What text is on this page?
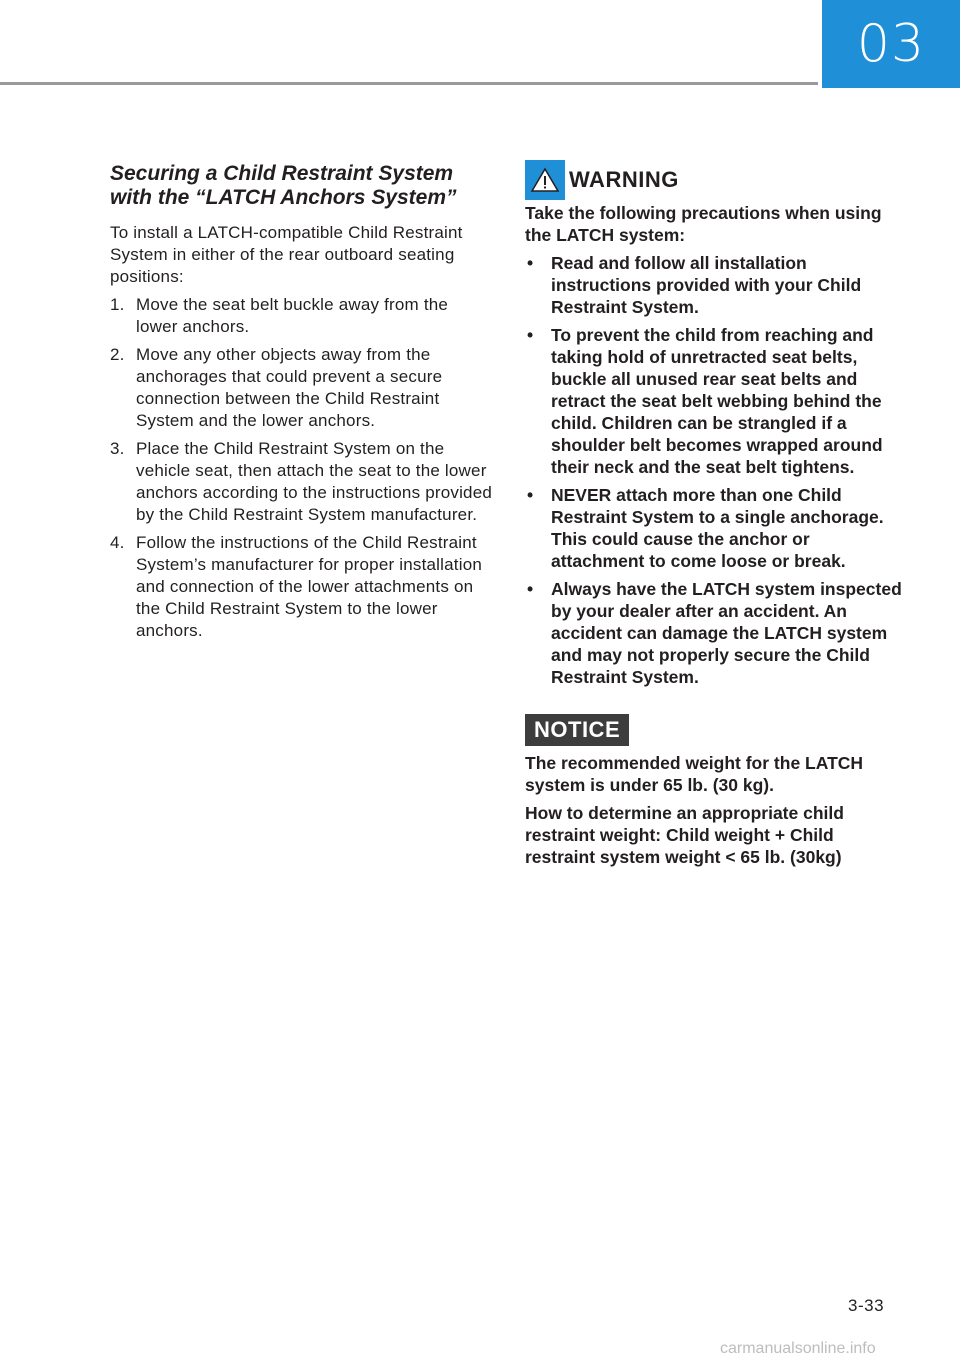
03
Securing a Child Restraint System with the “LATCH Anchors System”

To install a LATCH-compatible Child Restraint System in either of the rear outboard seating positions:

1. Move the seat belt buckle away from the lower anchors.
2. Move any other objects away from the anchorages that could prevent a secure connection between the Child Restraint System and the lower anchors.
3. Place the Child Restraint System on the vehicle seat, then attach the seat to the lower anchors according to the instructions provided by the Child Restraint System manufacturer.
4. Follow the instructions of the Child Restraint System’s manufacturer for proper installation and connection of the lower attachments on the Child Restraint System to the lower anchors.
WARNING

Take the following precautions when using the LATCH system:

• Read and follow all installation instructions provided with your Child Restraint System.
• To prevent the child from reaching and taking hold of unretracted seat belts, buckle all unused rear seat belts and retract the seat belt webbing behind the child. Children can be strangled if a shoulder belt becomes wrapped around their neck and the seat belt tightens.
• NEVER attach more than one Child Restraint System to a single anchorage. This could cause the anchor or attachment to come loose or break.
• Always have the LATCH system inspected by your dealer after an accident. An accident can damage the LATCH system and may not properly secure the Child Restraint System.
NOTICE

The recommended weight for the LATCH system is under 65 lb. (30 kg).

How to determine an appropriate child restraint weight: Child weight + Child restraint system weight < 65 lb. (30kg)

3-33
carmanualsonline.info
